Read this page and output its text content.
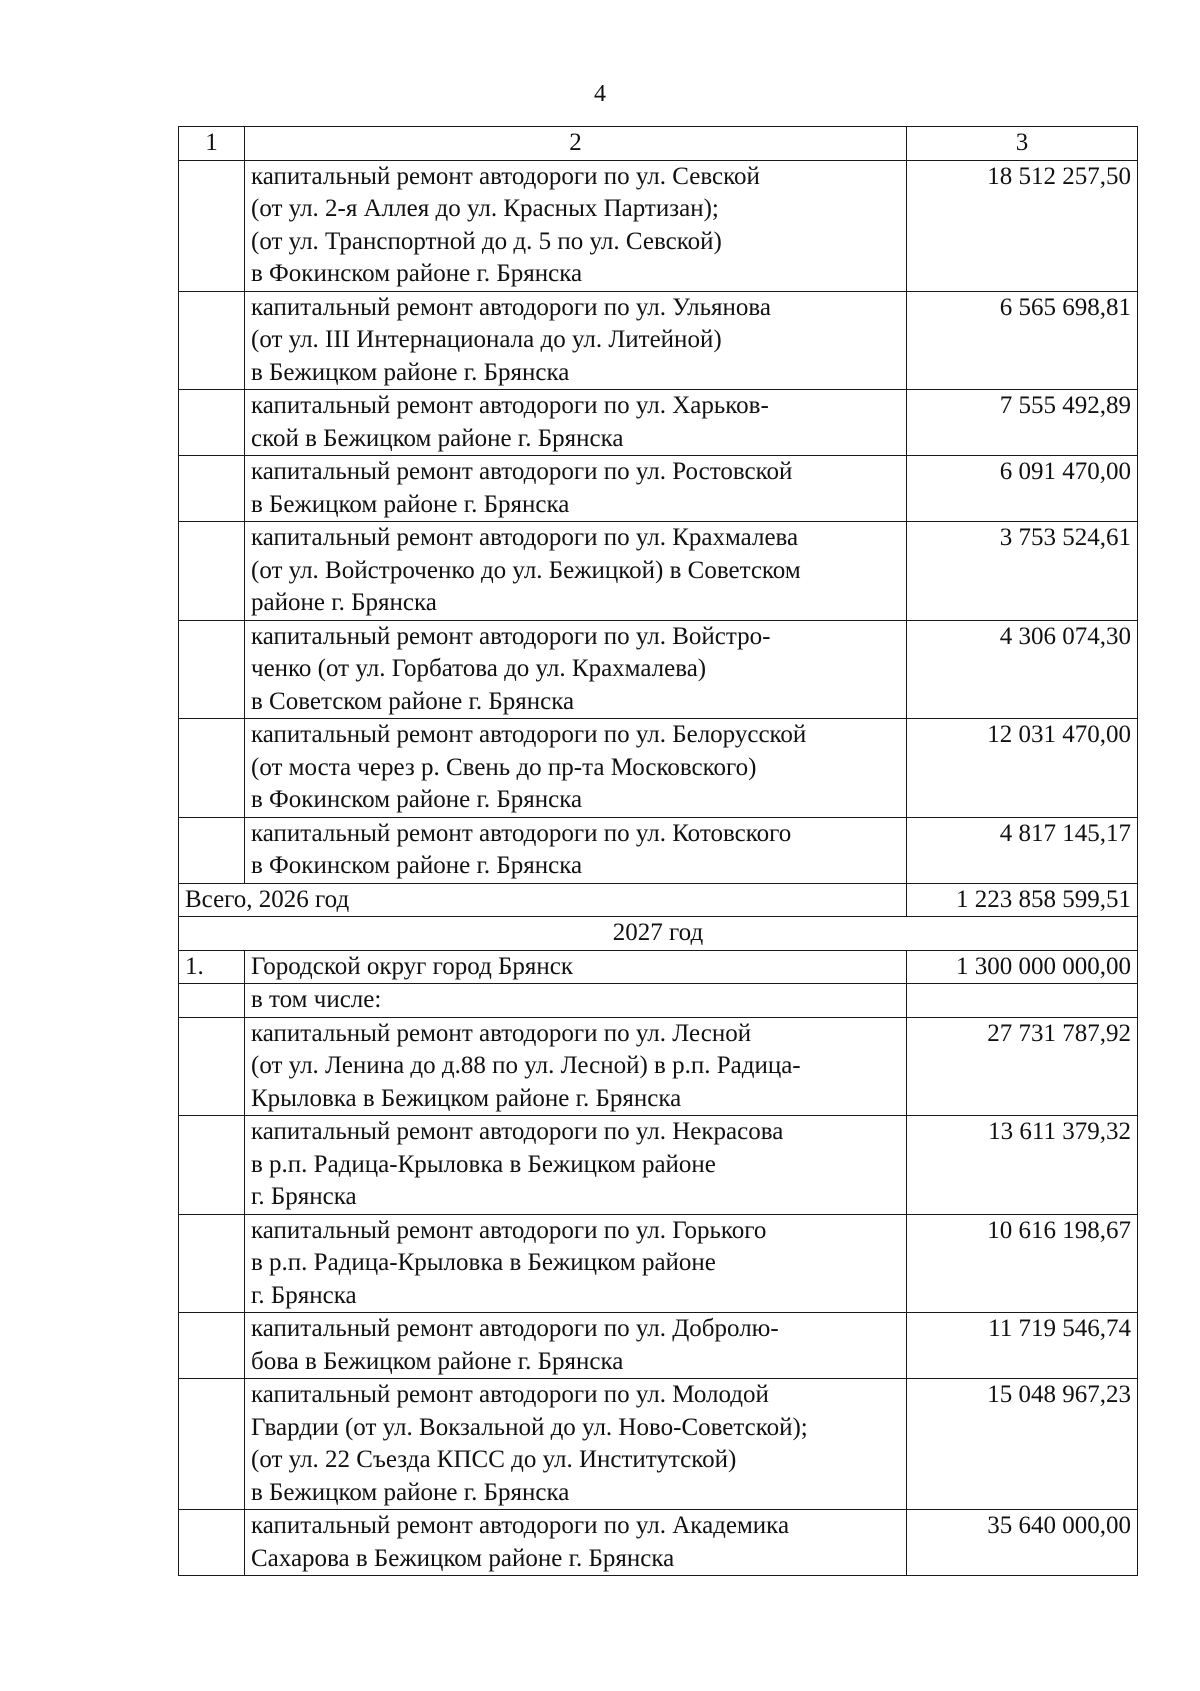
4
1	2	3
	капитальный ремонт автодороги по ул. Севской
(от ул. 2-я Аллея до ул. Красных Партизан);
(от ул. Транспортной до д. 5 по ул. Севской)
в Фокинском районе г. Брянска	18 512 257,50
	капитальный ремонт автодороги по ул. Ульянова
(от ул. III Интернационала до ул. Литейной)
в Бежицком районе г. Брянска	6 565 698,81
	капитальный ремонт автодороги по ул. Харьков-
ской в Бежицком районе г. Брянска	7 555 492,89
	капитальный ремонт автодороги по ул. Ростовской
в Бежицком районе г. Брянска	6 091 470,00
	капитальный ремонт автодороги по ул. Крахмалева
(от ул. Войстроченко до ул. Бежицкой) в Советском
районе г. Брянска	3 753 524,61
	капитальный ремонт автодороги по ул. Войстро-
ченко (от ул. Горбатова до ул. Крахмалева)
в Советском районе г. Брянска	4 306 074,30
	капитальный ремонт автодороги по ул. Белорусской
(от моста через р. Свень до пр-та Московского)
в Фокинском районе г. Брянска	12 031 470,00
	капитальный ремонт автодороги по ул. Котовского
в Фокинском районе г. Брянска	4 817 145,17
Всего, 2026 год		1 223 858 599,51
2027 год		
1.	Городской округ город Брянск	1 300 000 000,00
	в том числе:	
	капитальный ремонт автодороги по ул. Лесной
(от ул. Ленина до д.88 по ул. Лесной) в р.п. Радица-
Крыловка в Бежицком районе г. Брянска	27 731 787,92
	капитальный ремонт автодороги по ул. Некрасова
в р.п. Радица-Крыловка в Бежицком районе
г. Брянска	13 611 379,32
	капитальный ремонт автодороги по ул. Горького
в р.п. Радица-Крыловка в Бежицком районе
г. Брянска	10 616 198,67
	капитальный ремонт автодороги по ул. Добролю-
бова в Бежицком районе г. Брянска	11 719 546,74
	капитальный ремонт автодороги по ул. Молодой
Гвардии (от ул. Вокзальной до ул. Ново-Советской);
(от ул. 22 Съезда КПСС до ул. Институтской)
в Бежицком районе г. Брянска	15 048 967,23
	капитальный ремонт автодороги по ул. Академика
Сахарова в Бежицком районе г. Брянска	35 640 000,00
